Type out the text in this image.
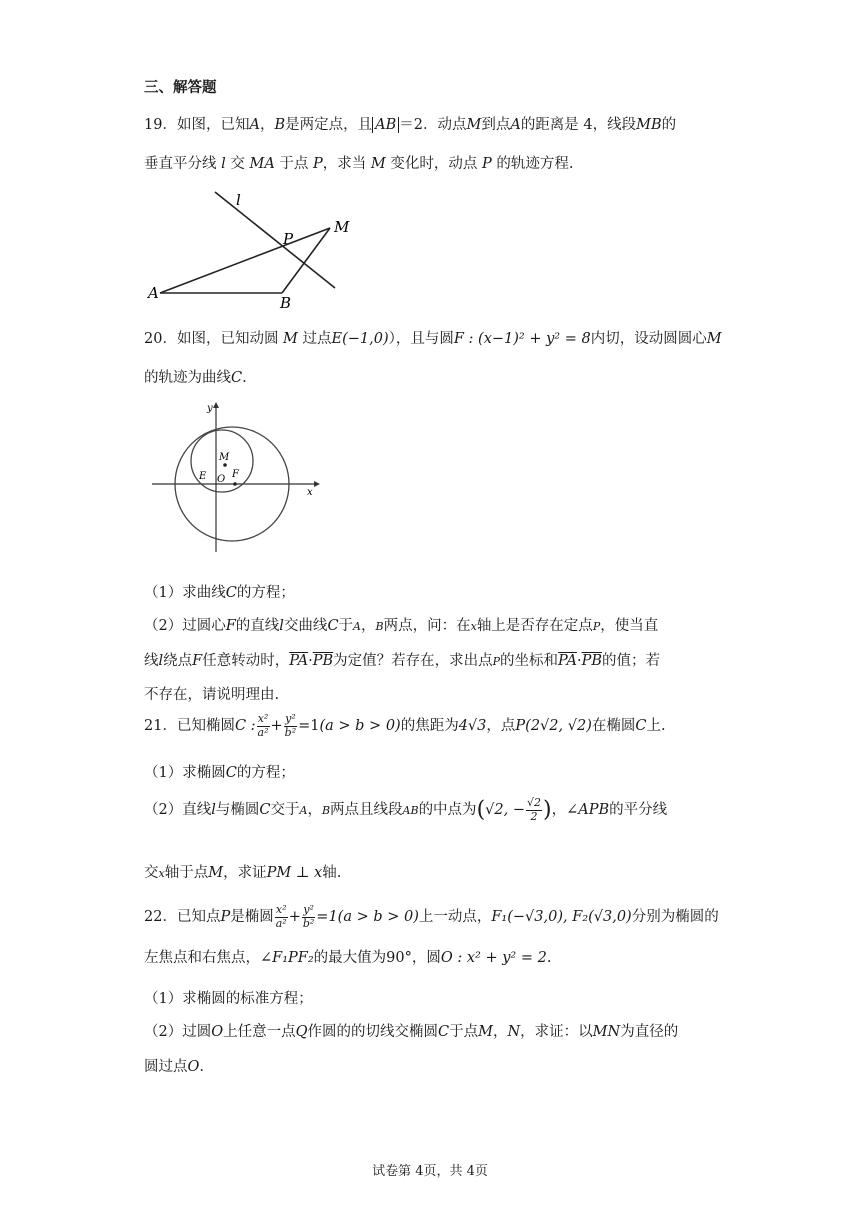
三、解答题
19．如图，已知A，B是两定点，且 AB ＝2．动点M到点A的距离是 4，线段MB的
垂直平分线 l 交 MA 于点 P，求当 M 变化时，动点 P 的轨迹方程.
l
P
M
A
B
20．如图，已知动圆 M 过点E(−1,0)），且与圆F : (x−1)² + y² = 8内切，设动圆圆心M
的轨迹为曲线C.
y
x
M
E O F
（1）求曲线C的方程；
（2）过圆心F的直线l交曲线C于A，B两点，问：在x轴上是否存在定点P，使当直
线l绕点F任意转动时，$\overline{PA}\cdot\overline{PB}$为定值？若存在，求出点P的坐标和$\overline{PA}\cdot\overline{PB}$的值；若
不存在，请说明理由.
21．已知椭圆C : $\frac{\text{x²}}{\text{a²}} + \frac{\text{y²}}{\text{b²}} =1(a > b > 0)$的焦距为4√3，点P(2√2, √2)在椭圆C上.
（1）求椭圆C的方程；
（2）直线l与椭圆C交于A，B两点且线段AB的中点为(√2, − $\frac{√2}{2}$ )，∠APB的平分线
交x轴于点M，求证PM ⊥ x轴.
22．已知点P是椭圆 $\frac{\text{x²}}{\text{a²}} + \frac{\text{y²}}{\text{b²}} =1(a > b > 0)$上一动点，F₁(−√3,0), F₂(√3,0)分别为椭圆的
左焦点和右焦点，∠F₁PF₂的最大值为90°，圆O : x² + y² = 2.
（1）求椭圆的标准方程；
（2）过圆O上任意一点Q作圆的的切线交椭圆C于点M，N，求证：以MN为直径的
圆过点O.
试卷第 4页，共 4页
